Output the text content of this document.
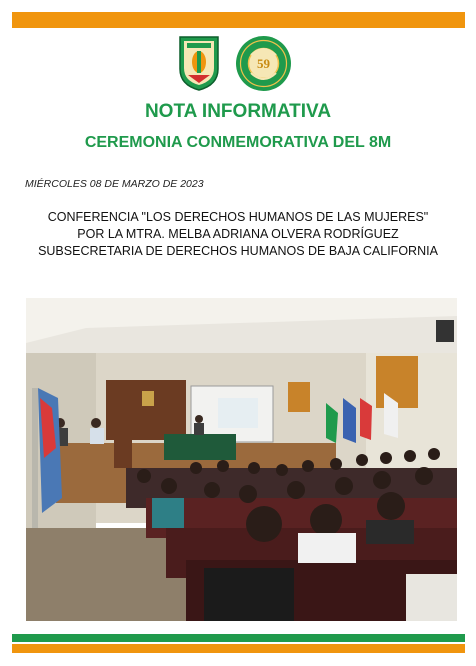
59
NOTA INFORMATIVA
CEREMONIA CONMEMORATIVA DEL 8M
MIÉRCOLES 08 DE MARZO DE 2023
CONFERENCIA "LOS DERECHOS HUMANOS DE LAS MUJERES"
POR LA MTRA. MELBA ADRIANA OLVERA RODRÍGUEZ
SUBSECRETARIA DE DERECHOS HUMANOS DE BAJA CALIFORNIA
